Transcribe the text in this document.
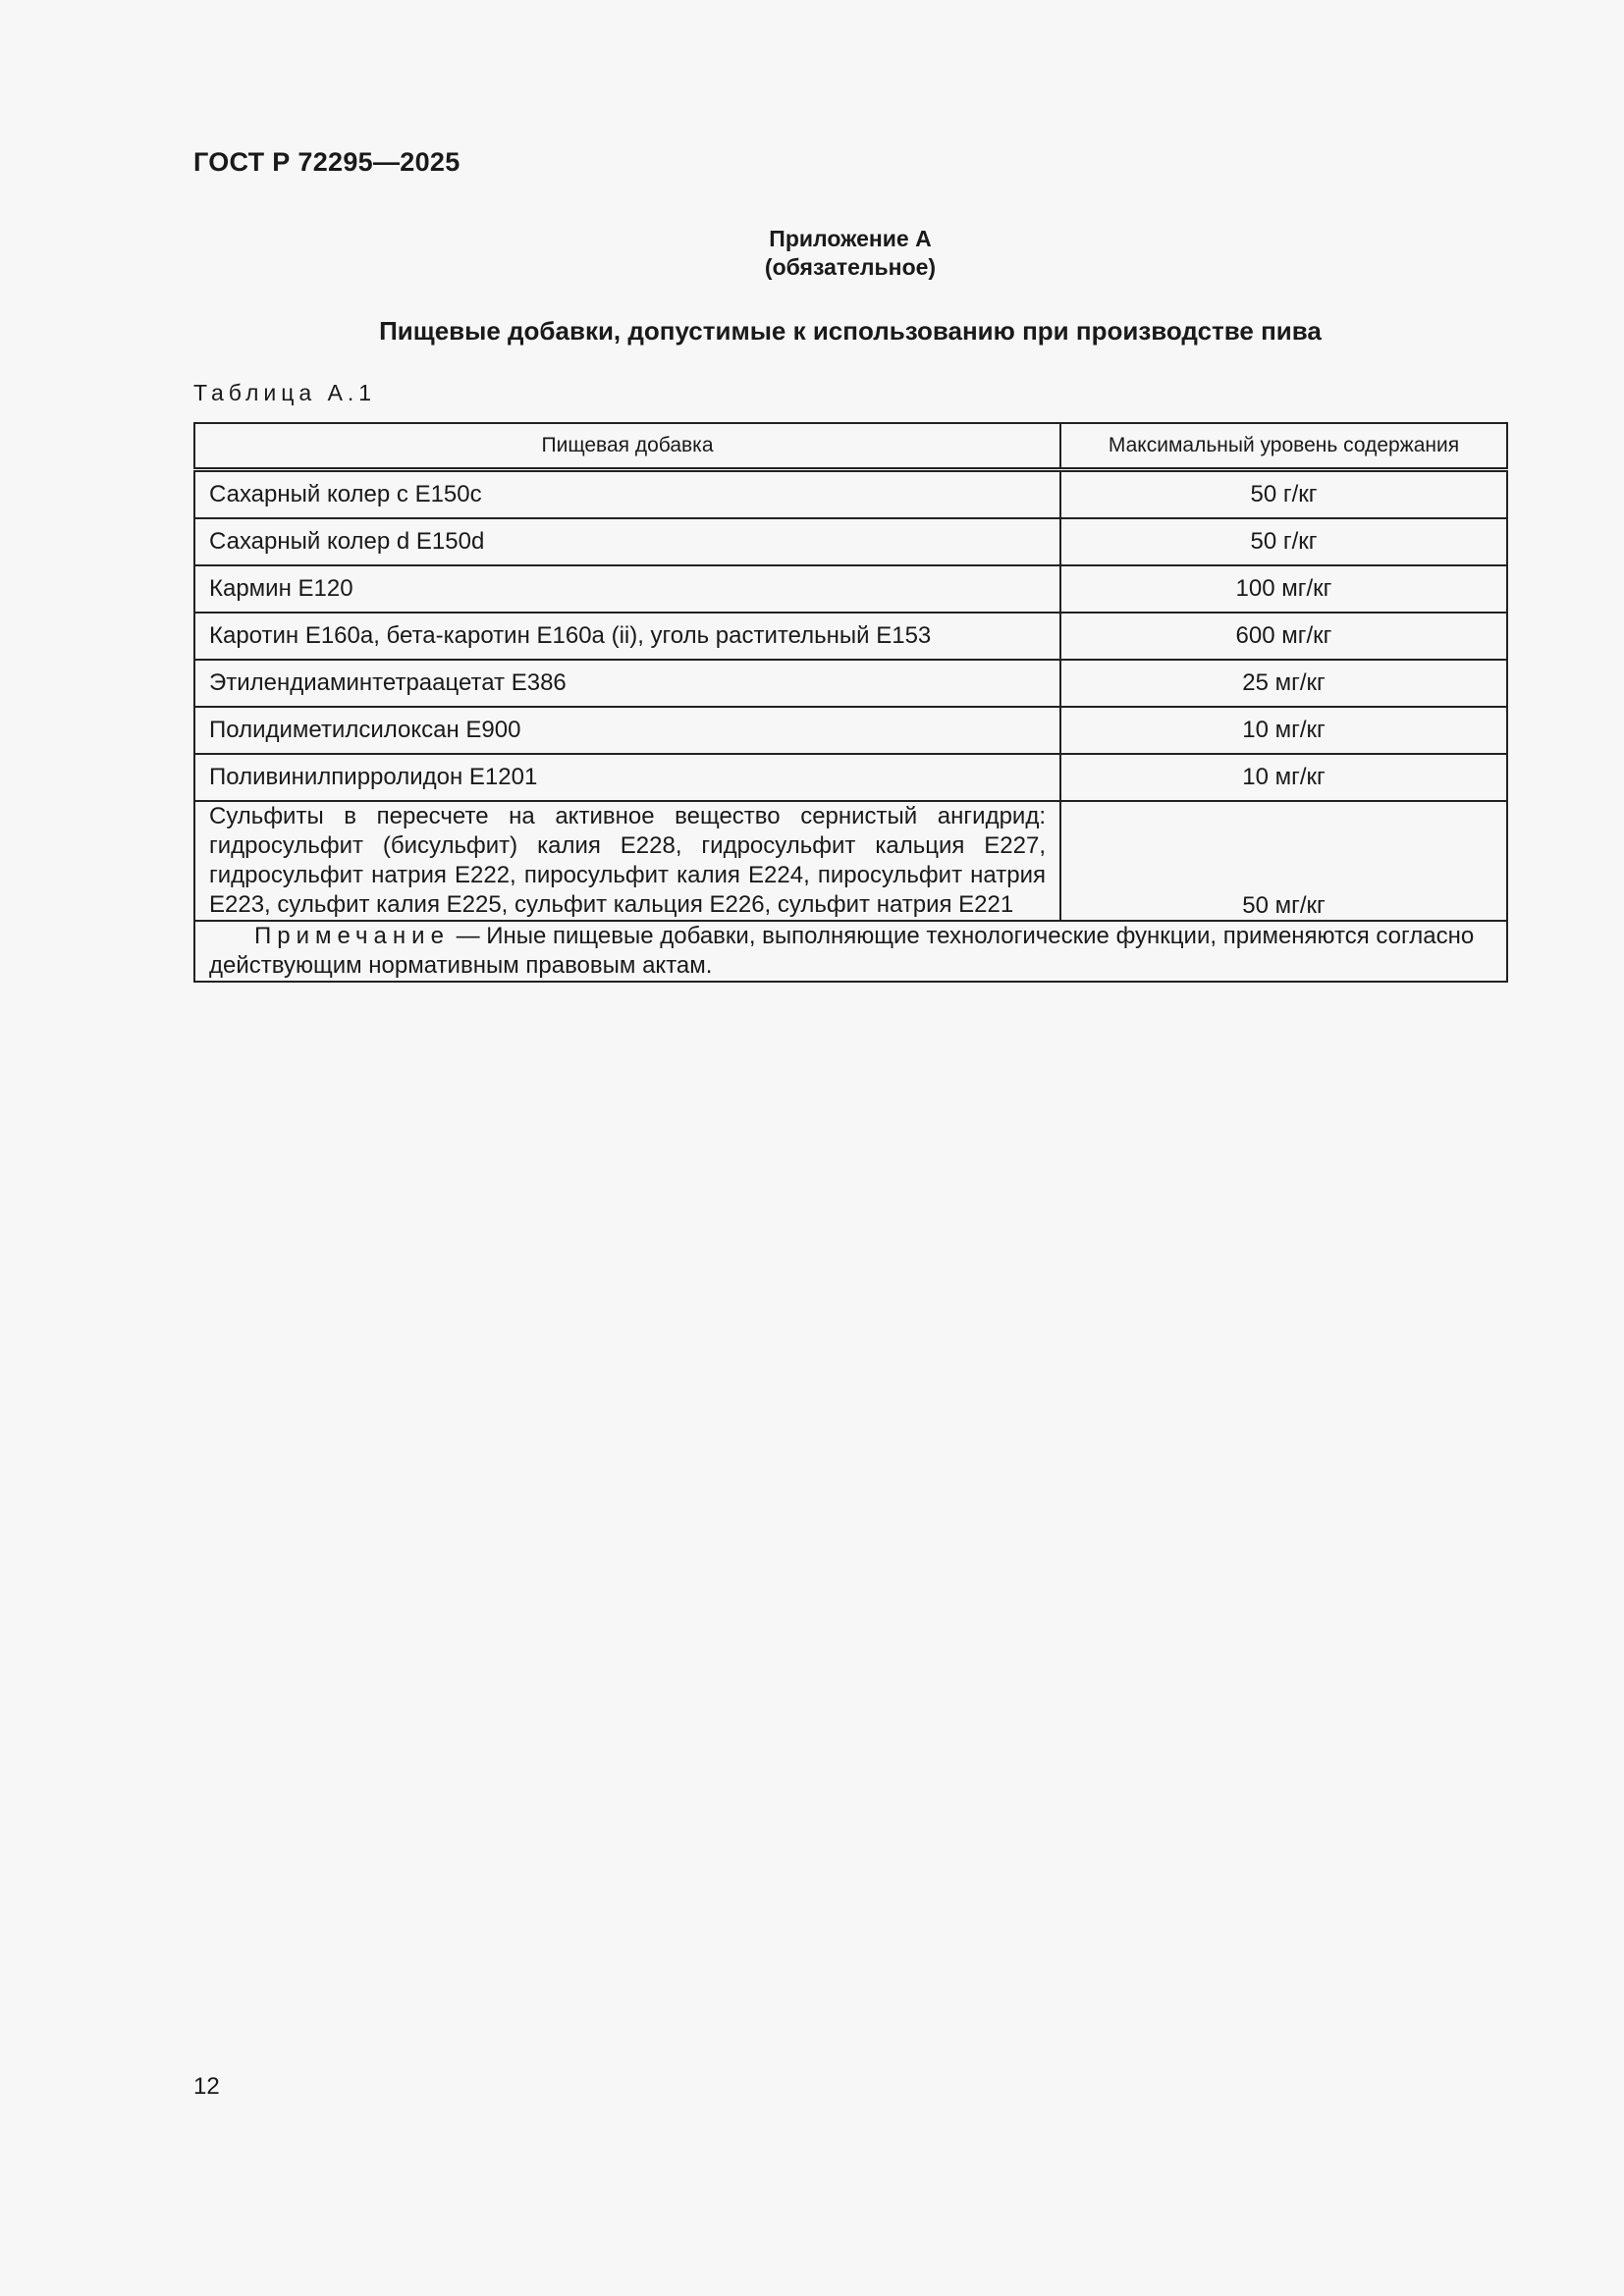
ГОСТ Р 72295—2025
Приложение А
(обязательное)
Пищевые добавки, допустимые к использованию при производстве пива
Таблица А.1
Пищевая добавка	Максимальный уровень содержания
Сахарный колер с Е150с	50 г/кг
Сахарный колер d Е150d	50 г/кг
Кармин Е120	100 мг/кг
Каротин Е160a, бета-каротин Е160а (ii), уголь растительный Е153	600 мг/кг
Этилендиаминтетраацетат Е386	25 мг/кг
Полидиметилсилоксан Е900	10 мг/кг
Поливинилпирролидон Е1201	10 мг/кг
Сульфиты в пересчете на активное вещество сернистый ангидрид: гидросульфит (бисульфит) калия Е228, гидросульфит кальция Е227, гидросульфит натрия Е222, пиросульфит калия Е224, пиросульфит натрия Е223, сульфит калия Е225, сульфит кальция Е226, сульфит натрия Е221	50 мг/кг
Примечание — Иные пищевые добавки, выполняющие технологические функции, применяются согласно действующим нормативным правовым актам.	
12
